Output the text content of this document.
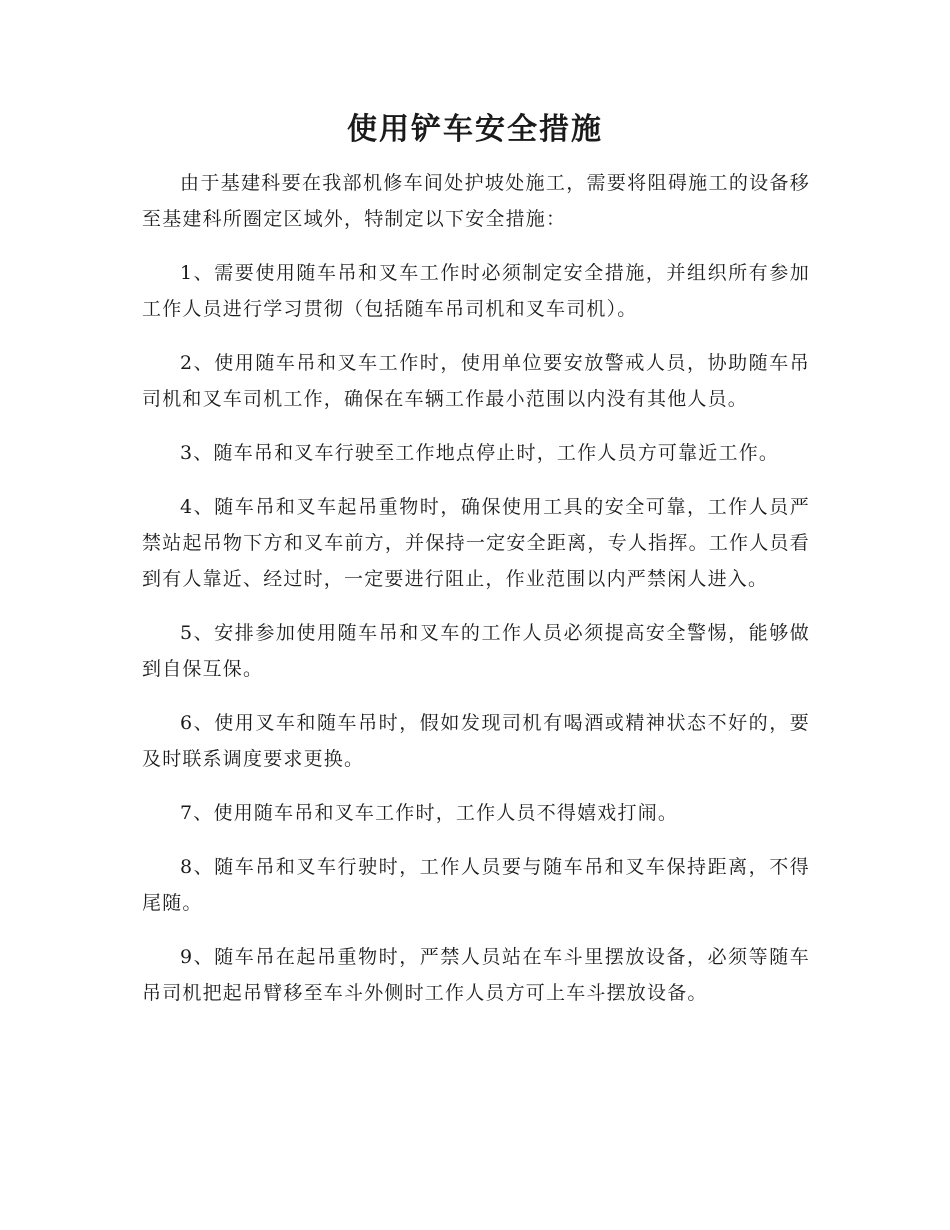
使用铲车安全措施

由于基建科要在我部机修车间处护坡处施工，需要将阻碍施工的设备移至基建科所圈定区域外，特制定以下安全措施：

1、需要使用随车吊和叉车工作时必须制定安全措施，并组织所有参加工作人员进行学习贯彻（包括随车吊司机和叉车司机）。

2、使用随车吊和叉车工作时，使用单位要安放警戒人员，协助随车吊司机和叉车司机工作，确保在车辆工作最小范围以内没有其他人员。

3、随车吊和叉车行驶至工作地点停止时，工作人员方可靠近工作。

4、随车吊和叉车起吊重物时，确保使用工具的安全可靠，工作人员严禁站起吊物下方和叉车前方，并保持一定安全距离，专人指挥。工作人员看到有人靠近、经过时，一定要进行阻止，作业范围以内严禁闲人进入。

5、安排参加使用随车吊和叉车的工作人员必须提高安全警惕，能够做到自保互保。

6、使用叉车和随车吊时，假如发现司机有喝酒或精神状态不好的，要及时联系调度要求更换。

7、使用随车吊和叉车工作时，工作人员不得嬉戏打闹。

8、随车吊和叉车行驶时，工作人员要与随车吊和叉车保持距离，不得尾随。

9、随车吊在起吊重物时，严禁人员站在车斗里摆放设备，必须等随车吊司机把起吊臂移至车斗外侧时工作人员方可上车斗摆放设备。
